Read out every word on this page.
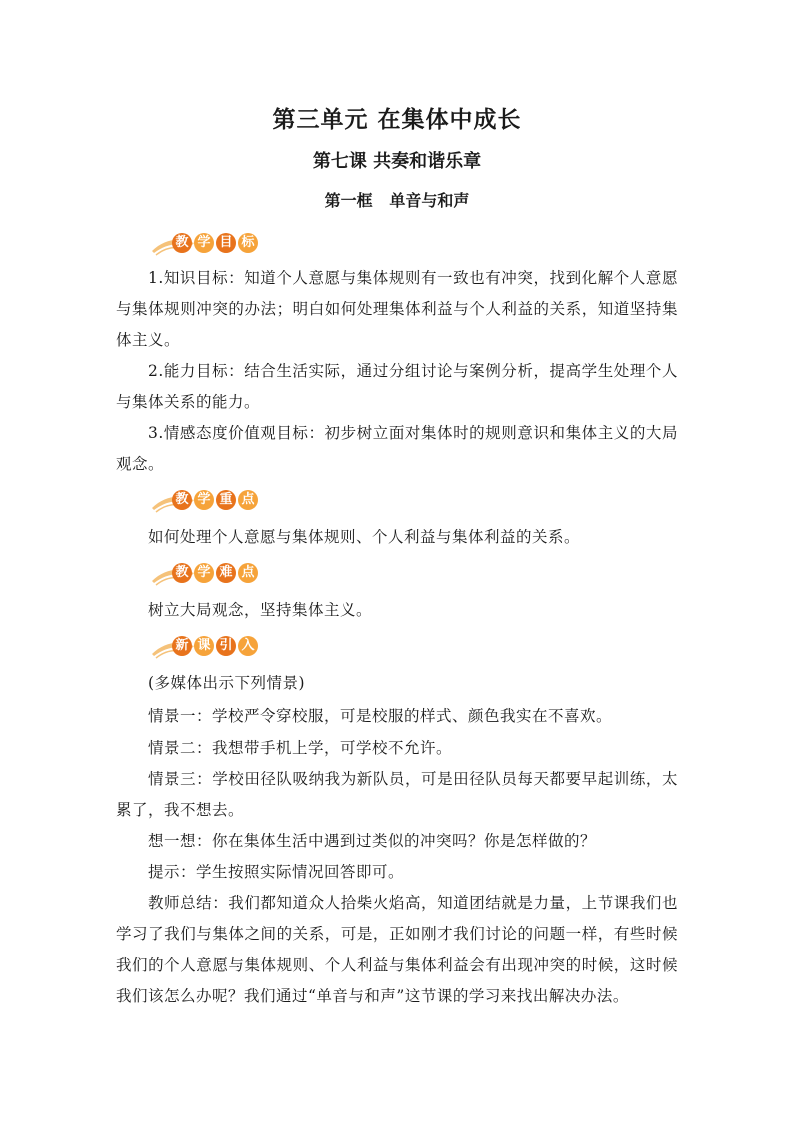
第三单元 在集体中成长
第七课 共奏和谐乐章
第一框   单音与和声
教 学 目 标
1.知识目标：知道个人意愿与集体规则有一致也有冲突，找到化解个人意愿与集体规则冲突的办法；明白如何处理集体利益与个人利益的关系，知道坚持集体主义。
2.能力目标：结合生活实际，通过分组讨论与案例分析，提高学生处理个人与集体关系的能力。
3.情感态度价值观目标：初步树立面对集体时的规则意识和集体主义的大局观念。
教 学 重 点
如何处理个人意愿与集体规则、个人利益与集体利益的关系。
教 学 难 点
树立大局观念，坚持集体主义。
新 课 引 入
(多媒体出示下列情景)
情景一：学校严令穿校服，可是校服的样式、颜色我实在不喜欢。
情景二：我想带手机上学，可学校不允许。
情景三：学校田径队吸纳我为新队员，可是田径队员每天都要早起训练，太累了，我不想去。
想一想：你在集体生活中遇到过类似的冲突吗？你是怎样做的？
提示：学生按照实际情况回答即可。
教师总结：我们都知道众人拾柴火焰高，知道团结就是力量，上节课我们也学习了我们与集体之间的关系，可是，正如刚才我们讨论的问题一样，有些时候我们的个人意愿与集体规则、个人利益与集体利益会有出现冲突的时候，这时候我们该怎么办呢？我们通过“单音与和声”这节课的学习来找出解决办法。
